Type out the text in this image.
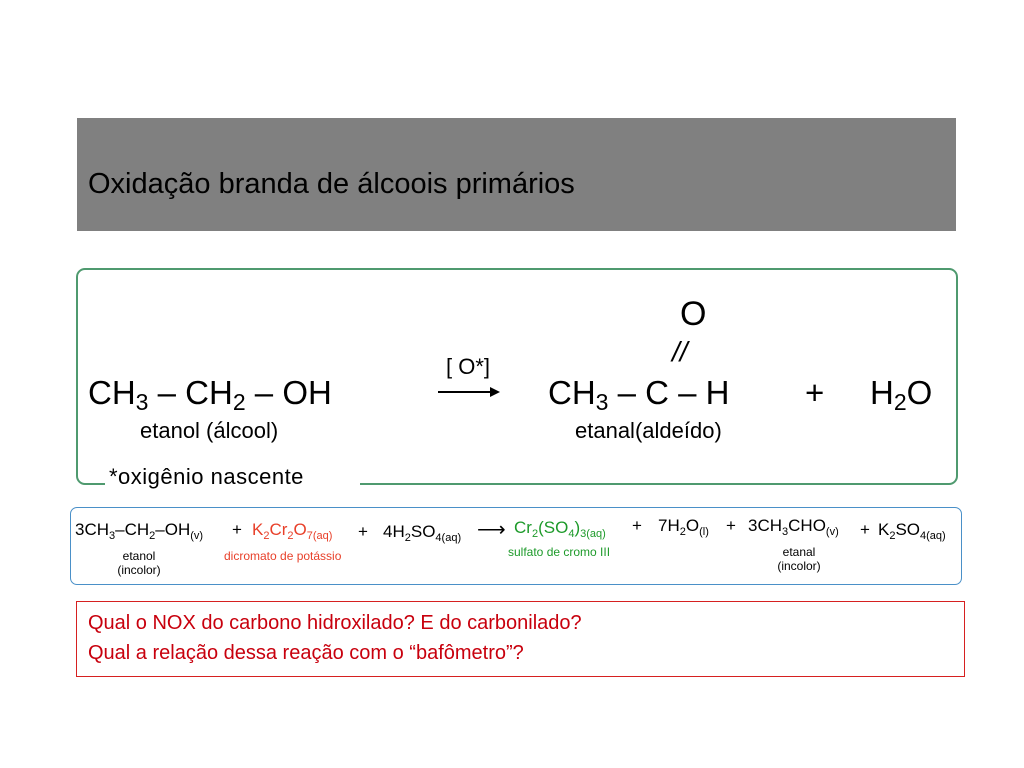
Oxidação branda de álcoois primários
*oxigênio nascente
$CH_3 - CH_2$ – OH
etanol (álcool)
[ O*]
O
//
$CH_3$ – C – H
etanal(aldeído)
+ $H_2O$
$3CH_3-CH_2-OH_{(v)} + K_2Cr_2O_{7(aq)} + 4H_2SO_{4(aq)}$ ⟶ $Cr_2(SO_4)_{3(aq)} + 7H_2O_{(l)} + 3CH_3CHO_{(v)} + K_2SO_{4(aq)}$
etanol
(incolor)
dicromato de potássio	sulfato de cromo III	etanal
(incolor)
Qual o NOX do carbono hidroxilado? E do carbonilado?
Qual a relação dessa reação com o “bafômetro”?
